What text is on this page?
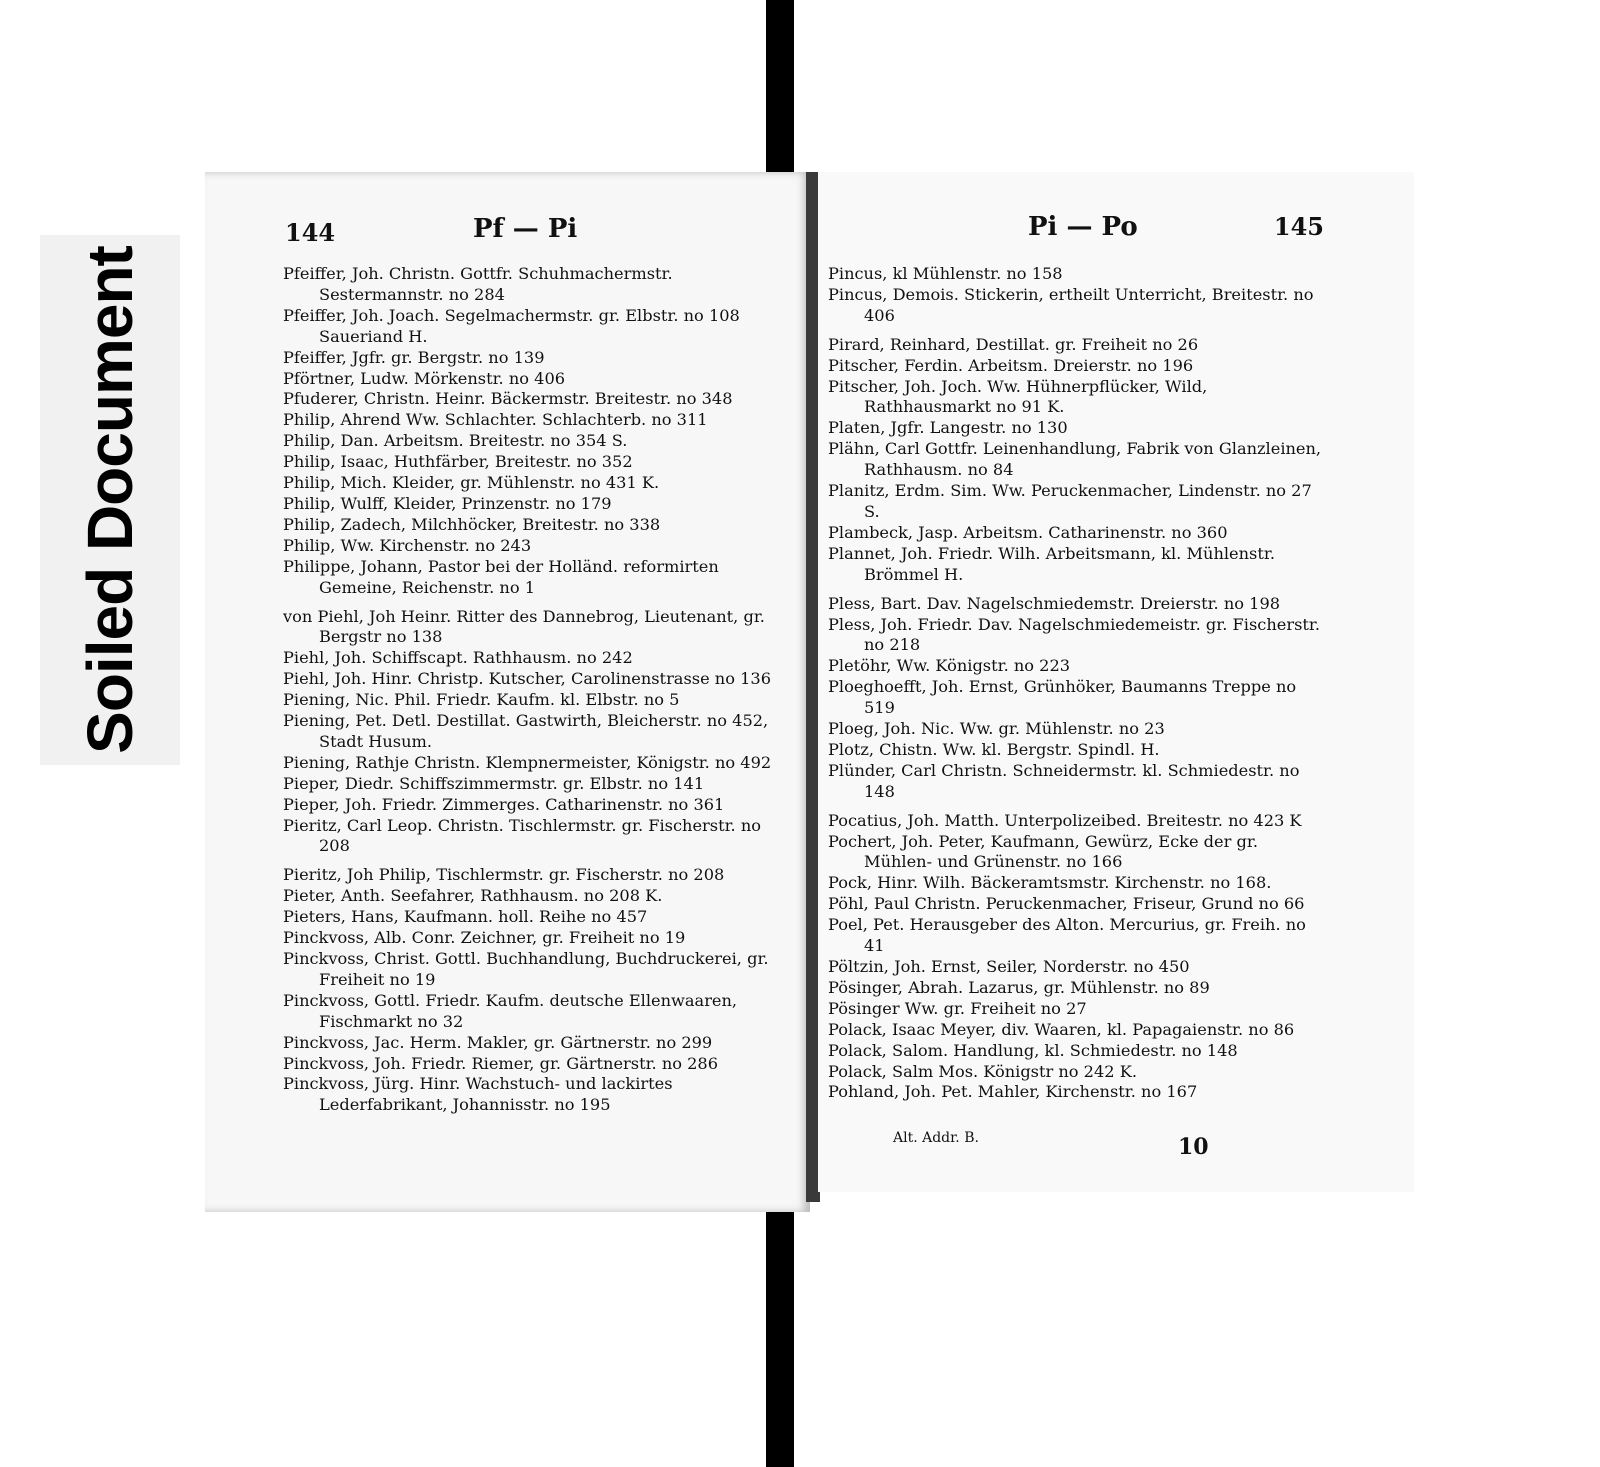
Soiled Document
144	Pf — Pi

Pfeiffer, Joh. Christn. Gottfr. Schuhmachermstr. Sestermannstr. no 284

Pfeiffer, Joh. Joach. Segelmachermstr. gr. Elbstr. no 108 Saueriand H.

Pfeiffer, Jgfr. gr. Bergstr. no 139

Pförtner, Ludw. Mörkenstr. no 406

Pfuderer, Christn. Heinr. Bäckermstr. Breitestr. no 348

Philip, Ahrend Ww. Schlachter. Schlachterb. no 311

Philip, Dan. Arbeitsm. Breitestr. no 354 S.

Philip, Isaac, Huthfärber, Breitestr. no 352

Philip, Mich. Kleider, gr. Mühlenstr. no 431 K.

Philip, Wulff, Kleider, Prinzenstr. no 179

Philip, Zadech, Milchhöcker, Breitestr. no 338

Philip, Ww. Kirchenstr. no 243

Philippe, Johann, Pastor bei der Holländ. reformirten Gemeine, Reichenstr. no 1

von Piehl, Joh Heinr. Ritter des Dannebrog, Lieutenant, gr. Bergstr no 138

Piehl, Joh. Schiffscapt. Rathhausm. no 242

Piehl, Joh. Hinr. Christp. Kutscher, Carolinenstrasse no 136

Piening, Nic. Phil. Friedr. Kaufm. kl. Elbstr. no 5

Piening, Pet. Detl. Destillat. Gastwirth, Bleicherstr. no 452, Stadt Husum.

Piening, Rathje Christn. Klempnermeister, Königstr. no 492

Pieper, Diedr. Schiffszimmermstr. gr. Elbstr. no 141

Pieper, Joh. Friedr. Zimmerges. Catharinenstr. no 361

Pieritz, Carl Leop. Christn. Tischlermstr. gr. Fischerstr. no 208

Pieritz, Joh Philip, Tischlermstr. gr. Fischerstr. no 208

Pieter, Anth. Seefahrer, Rathhausm. no 208 K.

Pieters, Hans, Kaufmann. holl. Reihe no 457

Pinckvoss, Alb. Conr. Zeichner, gr. Freiheit no 19

Pinckvoss, Christ. Gottl. Buchhandlung, Buchdruckerei, gr. Freiheit no 19

Pinckvoss, Gottl. Friedr. Kaufm. deutsche Ellenwaaren, Fischmarkt no 32

Pinckvoss, Jac. Herm. Makler, gr. Gärtnerstr. no 299

Pinckvoss, Joh. Friedr. Riemer, gr. Gärtnerstr. no 286

Pinckvoss, Jürg. Hinr. Wachstuch- und lackirtes Lederfabrikant, Johannisstr. no 195

Pi — Po	145

Pincus, kl Mühlenstr. no 158

Pincus, Demois. Stickerin, ertheilt Unterricht, Breitestr. no 406

Pirard, Reinhard, Destillat. gr. Freiheit no 26

Pitscher, Ferdin. Arbeitsm. Dreierstr. no 196

Pitscher, Joh. Joch. Ww. Hühnerpflücker, Wild, Rathhausmarkt no 91 K.

Platen, Jgfr. Langestr. no 130

Plähn, Carl Gottfr. Leinenhandlung, Fabrik von Glanzleinen, Rathhausm. no 84

Planitz, Erdm. Sim. Ww. Peruckenmacher, Lindenstr. no 27 S.

Plambeck, Jasp. Arbeitsm. Catharinenstr. no 360

Plannet, Joh. Friedr. Wilh. Arbeitsmann, kl. Mühlenstr. Brömmel H.

Pless, Bart. Dav. Nagelschmiedemstr. Dreierstr. no 198

Pless, Joh. Friedr. Dav. Nagelschmiedemeistr. gr. Fischerstr. no 218

Pletöhr, Ww. Königstr. no 223

Ploeghoefft, Joh. Ernst, Grünhöker, Baumanns Treppe no 519

Ploeg, Joh. Nic. Ww. gr. Mühlenstr. no 23

Plotz, Chistn. Ww. kl. Bergstr. Spindl. H.

Plünder, Carl Christn. Schneidermstr. kl. Schmiedestr. no 148

Pocatius, Joh. Matth. Unterpolizeibed. Breitestr. no 423 K

Pochert, Joh. Peter, Kaufmann, Gewürz, Ecke der gr. Mühlen- und Grünenstr. no 166

Pock, Hinr. Wilh. Bäckeramtsmstr. Kirchenstr. no 168.

Pöhl, Paul Christn. Peruckenmacher, Friseur, Grund no 66

Poel, Pet. Herausgeber des Alton. Mercurius, gr. Freih. no 41

Pöltzin, Joh. Ernst, Seiler, Norderstr. no 450

Pösinger, Abrah. Lazarus, gr. Mühlenstr. no 89

Pösinger Ww. gr. Freiheit no 27

Polack, Isaac Meyer, div. Waaren, kl. Papagaienstr. no 86

Polack, Salom. Handlung, kl. Schmiedestr. no 148

Polack, Salm Mos. Königstr no 242 K.

Pohland, Joh. Pet. Mahler, Kirchenstr. no 167

Alt. Addr. B.	10
